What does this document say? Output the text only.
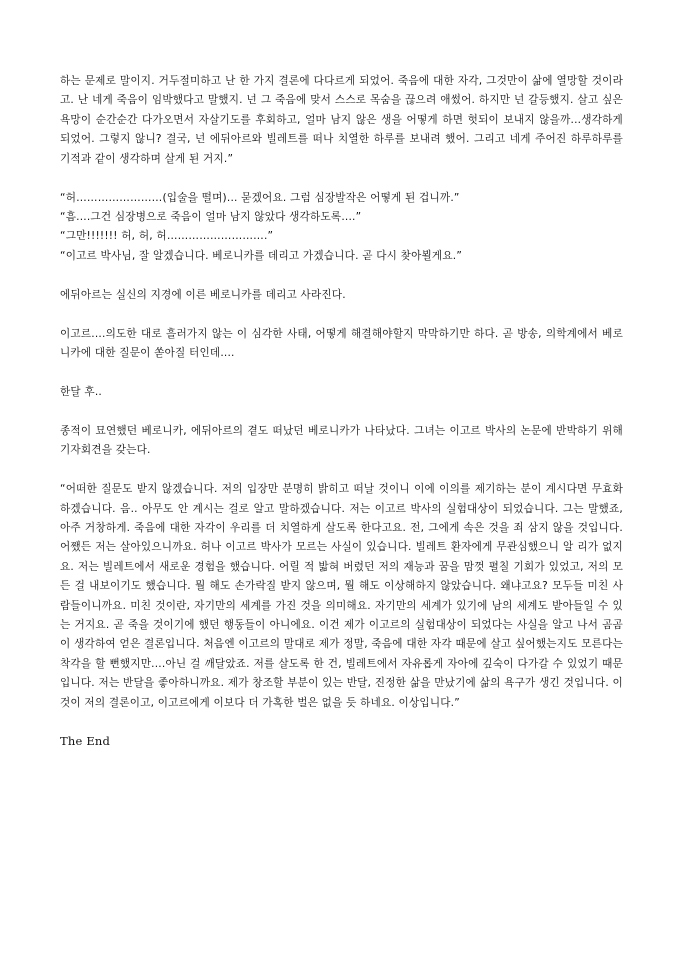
하는 문제로 말이지. 거두절미하고 난 한 가지 결론에 다다르게 되었어. 죽음에 대한 자각, 그것만이 삶에 열망할 것이라고. 난 네게 죽음이 임박했다고 말했지. 넌 그 죽음에 맞서 스스로 목숨을 끊으려 애썼어. 하지만 넌 갈등했지. 살고 싶은 욕망이 순간순간 다가오면서 자살기도를 후회하고, 얼마 남지 않은 생을 어떻게 하면 헛되이 보내지 않을까...생각하게 되었어. 그렇지 않니? 결국, 넌 에뒤아르와 빌레트를 떠나 치열한 하루를 보내려 했어. 그리고 네게 주어진 하루하루를 기적과 같이 생각하며 살게 된 거지.”

“허……………………(입술을 떨며)... 묻겠어요. 그럼 심장발작은 어떻게 된 겁니까.”
“흠....그건 심장병으로 죽음이 얼마 남지 않았다 생각하도록....”
“그만!!!!!!! 허, 허, 허……………………….”
“이고르 박사님, 잘 알겠습니다. 베로니카를 데리고 가겠습니다. 곧 다시 찾아뵐게요.”

에뒤아르는 실신의 지경에 이른 베로니카를 데리고 사라진다.

이고르....의도한 대로 흘러가지 않는 이 심각한 사태, 어떻게 해결해야할지 막막하기만 하다. 곧 방송, 의학계에서 베로니카에 대한 질문이 쏟아질 터인데....

한달 후..

종적이 묘연했던 베로니카, 에뒤아르의 곁도 떠났던 베로니카가 나타났다. 그녀는 이고르 박사의 논문에 반박하기 위해 기자회견을 갖는다.

“어떠한 질문도 받지 않겠습니다. 저의 입장만 분명히 밝히고 떠날 것이니 이에 이의를 제기하는 분이 계시다면 무효화하겠습니다. 음.. 아무도 안 계시는 걸로 알고 말하겠습니다. 저는 이고르 박사의 실험대상이 되었습니다. 그는 말했죠, 아주 거창하게. 죽음에 대한 자각이 우리를 더 치열하게 살도록 한다고요. 전, 그에게 속은 것을 죄 삼지 않을 것입니다. 어쨌든 저는 살아있으니까요. 허나 이고르 박사가 모르는 사실이 있습니다. 빌레트 환자에게 무관심했으니 알 리가 없지요. 저는 빌레트에서 새로운 경험을 했습니다. 어릴 적 밟혀 버렸던 저의 재능과 꿈을 맘껏 펼칠 기회가 있었고, 저의 모든 걸 내보이기도 했습니다. 뭘 해도 손가락질 받지 않으며, 뭘 해도 이상해하지 않았습니다. 왜냐고요? 모두들 미친 사람들이니까요. 미친 것이란, 자기만의 세계를 가진 것을 의미해요. 자기만의 세계가 있기에 남의 세계도 받아들일 수 있는 거지요. 곧 죽을 것이기에 했던 행동들이 아니에요. 이건 제가 이고르의 실험대상이 되었다는 사실을 알고 나서 곰곰이 생각하여 얻은 결론입니다. 처음엔 이고르의 말대로 제가 정말, 죽음에 대한 자각 때문에 살고 싶어했는지도 모른다는 착각을 할 뻔했지만....아닌 걸 깨달았죠. 저를 살도록 한 건, 빌레트에서 자유롭게 자아에 깊숙이 다가갈 수 있었기 때문입니다. 저는 반달을 좋아하니까요. 제가 창조할 부분이 있는 반달, 진정한 삶을 만났기에 삶의 욕구가 생긴 것입니다. 이것이 저의 결론이고, 이고르에게 이보다 더 가혹한 벌은 없을 듯 하네요. 이상입니다.”

The End
